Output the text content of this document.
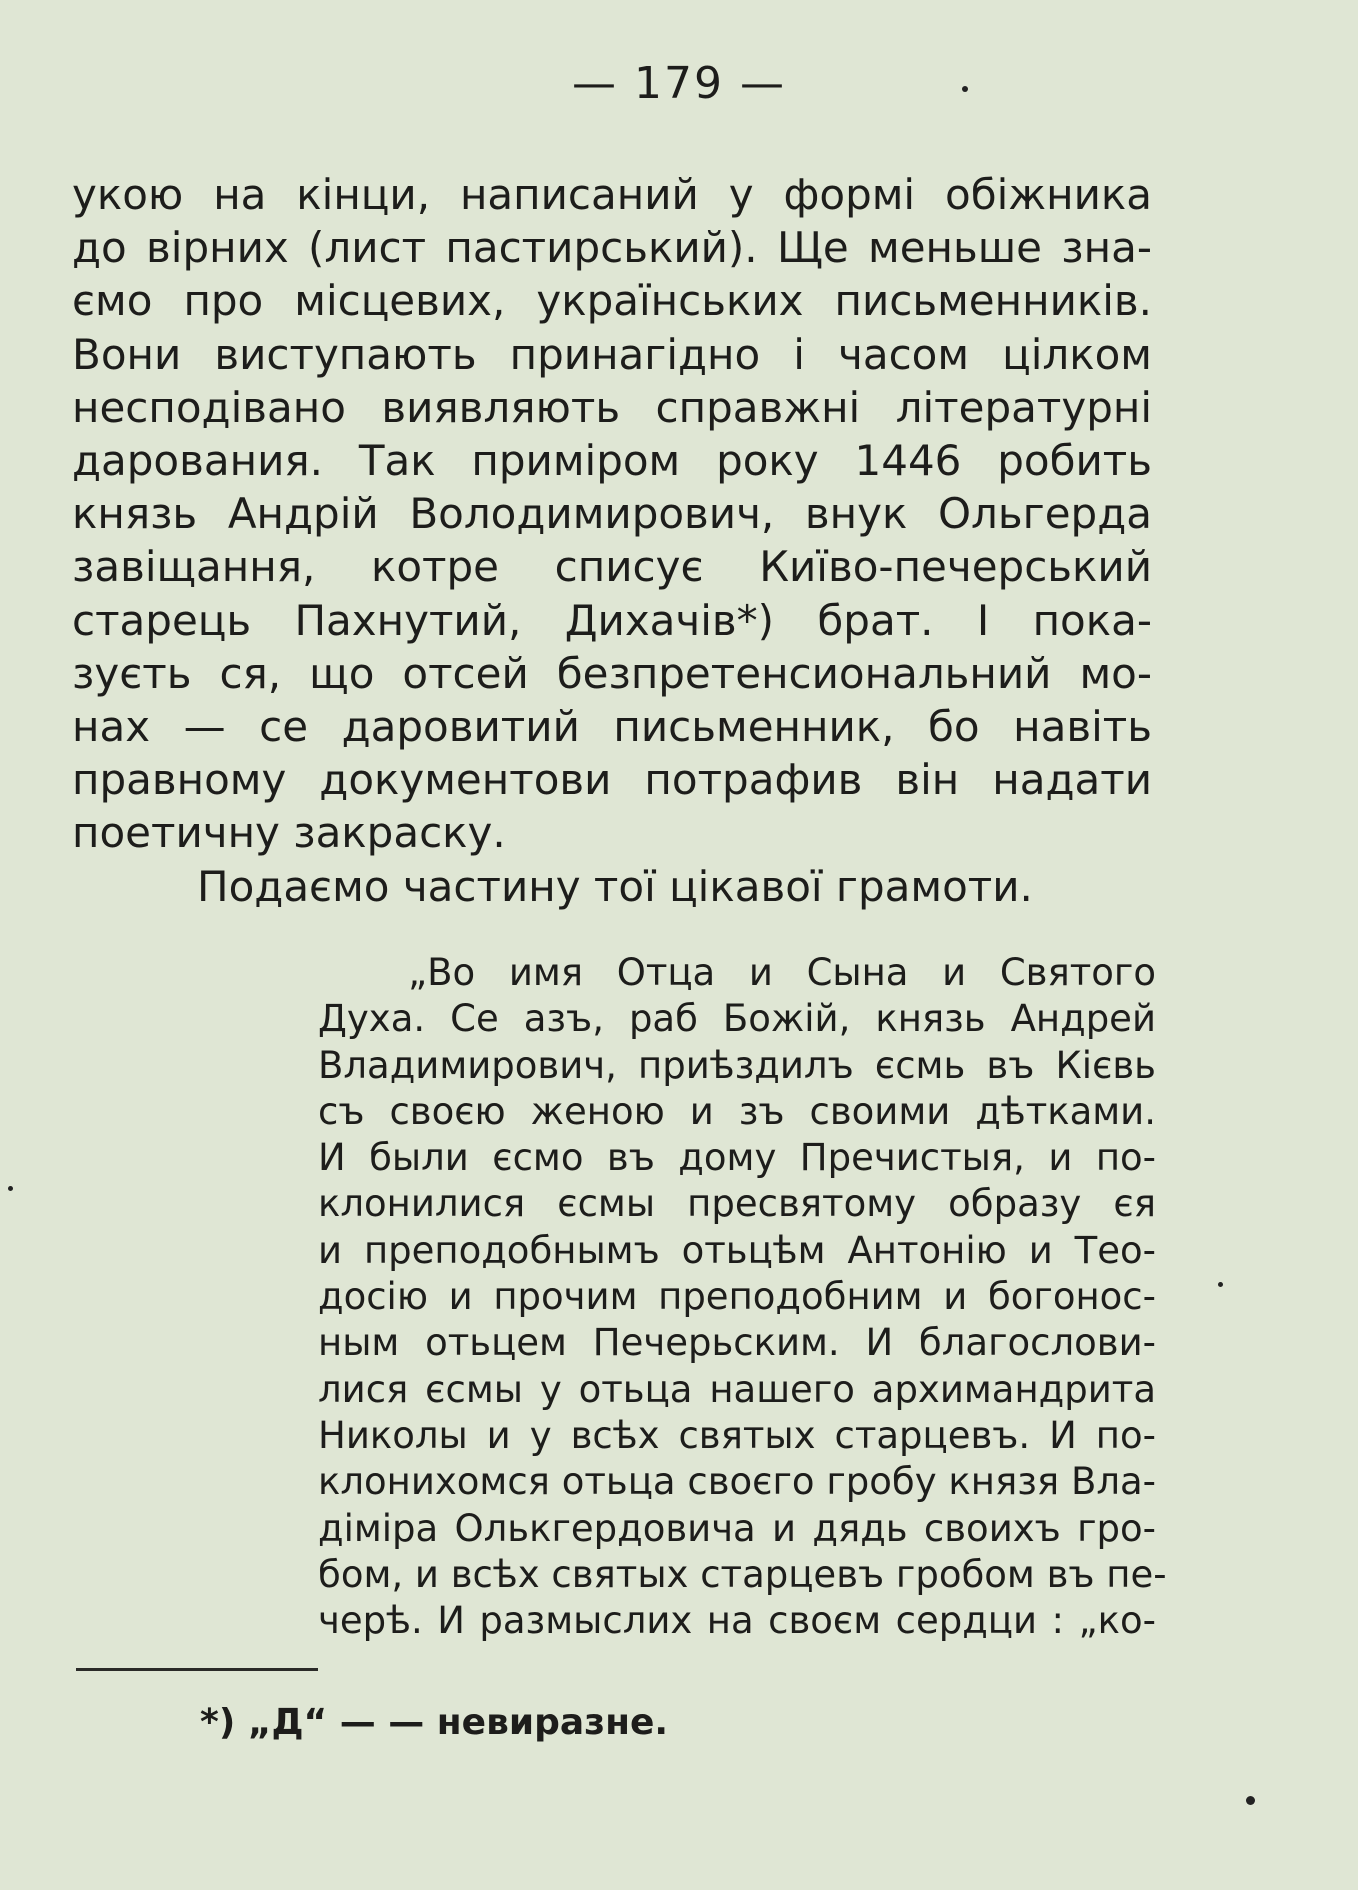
— 179 —
укою на кінци, написаний у формі обіжника
до вірних (лист пастирський). Ще меньше зна-
ємо про місцевих, українських письменників.
Вони виступають принагідно і часом цілком
несподівано виявляють справжні літературні
дарования. Так приміром року 1446 робить
князь Андрій Володимирович, внук Ольгерда
завіщання, котре списує Київо-печерський
старець Пахнутий, Дихачів*) брат. І пока-
зуєть ся, що отсей безпретенсиональний мо-
нах — се даровитий письменник, бо навіть
правному документови потрафив він надати
поетичну закраску.
Подаємо частину тої цікавої грамоти.
„Во имя Отца и Сына и Святого
Духа. Се азъ, раб Божій, князь Андрей
Владимирович, приѣздилъ єсмь въ Кієвь
съ своєю женою и зъ своими дѣтками.
И были єсмо въ дому Пречистыя, и по-
клонилися єсмы пресвятому образу єя
и преподобнымъ отьцѣм Антонію и Тео-
досію и прочим преподобним и богонос-
ным отьцем Печерьским. И благослови-
лися єсмы у отьца нашего архимандрита
Николы и у всѣх святых старцевъ. И по-
клонихомся отьца своєго гробу князя Вла-
діміра Олькгердовича и дядь своихъ гро-
бом, и всѣх святых старцевъ гробом въ пе-
черѣ. И размыслих на своєм сердци : „ко-
*) „Д“ — — невиразне.
